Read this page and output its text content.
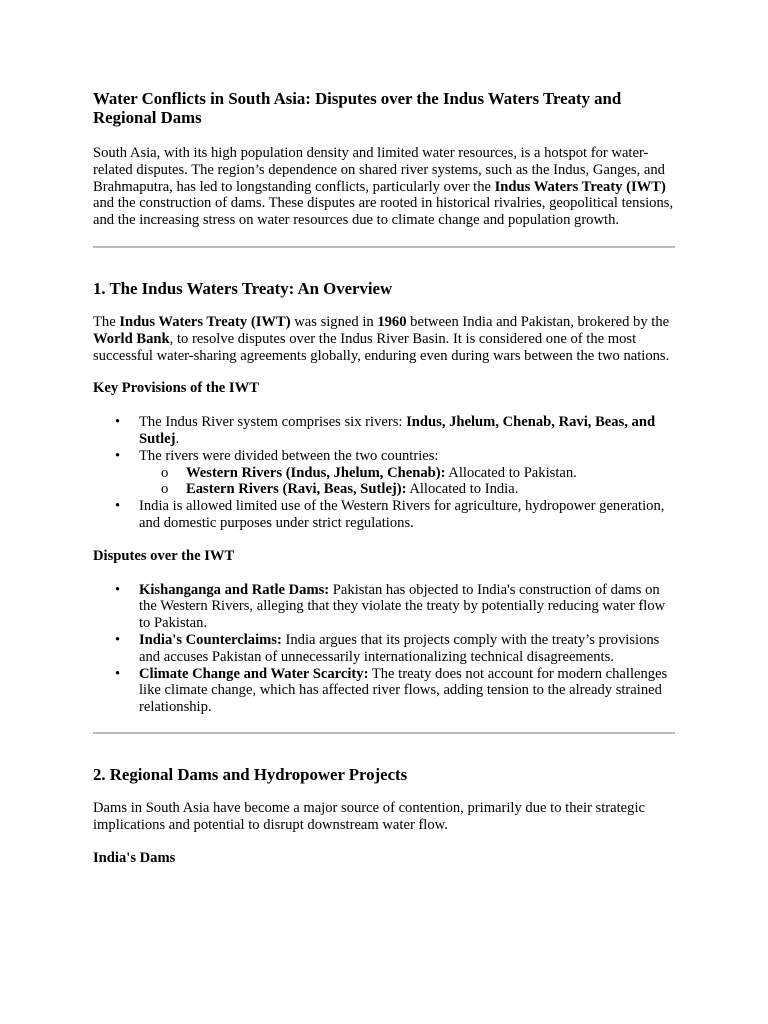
Water Conflicts in South Asia: Disputes over the Indus Waters Treaty and Regional Dams

South Asia, with its high population density and limited water resources, is a hotspot for water-related disputes. The region’s dependence on shared river systems, such as the Indus, Ganges, and Brahmaputra, has led to longstanding conflicts, particularly over the Indus Waters Treaty (IWT) and the construction of dams. These disputes are rooted in historical rivalries, geopolitical tensions, and the increasing stress on water resources due to climate change and population growth.

1. The Indus Waters Treaty: An Overview

The Indus Waters Treaty (IWT) was signed in 1960 between India and Pakistan, brokered by the World Bank, to resolve disputes over the Indus River Basin. It is considered one of the most successful water-sharing agreements globally, enduring even during wars between the two nations.

Key Provisions of the IWT
• The Indus River system comprises six rivers: Indus, Jhelum, Chenab, Ravi, Beas, and Sutlej.
• The rivers were divided between the two countries:
o Western Rivers (Indus, Jhelum, Chenab): Allocated to Pakistan.
o Eastern Rivers (Ravi, Beas, Sutlej): Allocated to India.
• India is allowed limited use of the Western Rivers for agriculture, hydropower generation, and domestic purposes under strict regulations.
Disputes over the IWT
• Kishanganga and Ratle Dams: Pakistan has objected to India's construction of dams on the Western Rivers, alleging that they violate the treaty by potentially reducing water flow to Pakistan.
• India's Counterclaims: India argues that its projects comply with the treaty’s provisions and accuses Pakistan of unnecessarily internationalizing technical disagreements.
• Climate Change and Water Scarcity: The treaty does not account for modern challenges like climate change, which has affected river flows, adding tension to the already strained relationship.
2. Regional Dams and Hydropower Projects

Dams in South Asia have become a major source of contention, primarily due to their strategic implications and potential to disrupt downstream water flow.

India's Dams
